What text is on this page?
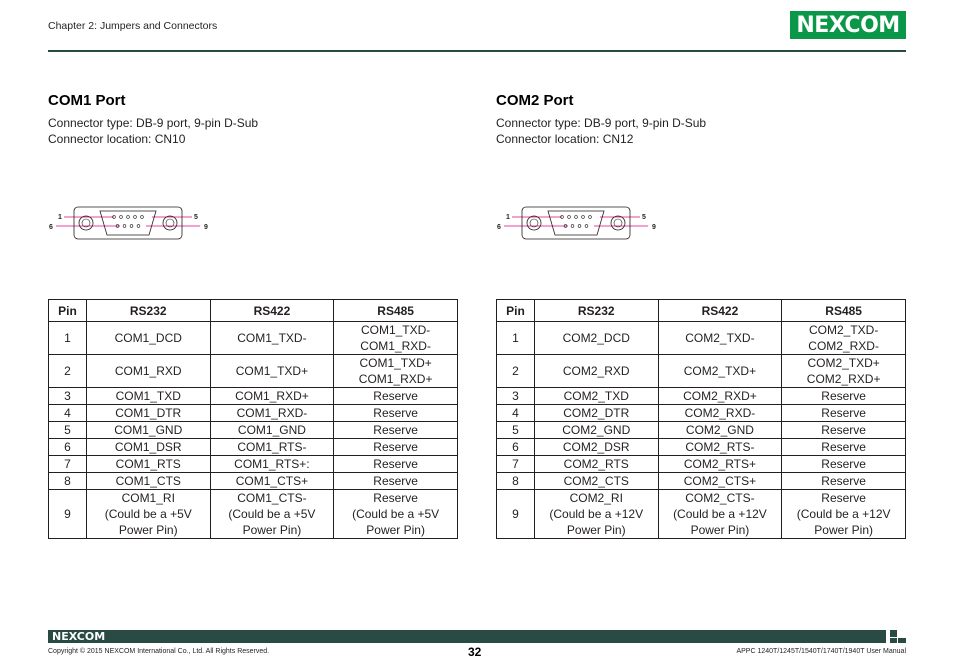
Chapter 2: Jumpers and Connectors	NEXCOM
COM1 Port
Connector type: DB-9 port, 9-pin D-Sub
Connector location: CN10
1
6
5
9
Pin	RS232	RS422	RS485
1	COM1_DCD	COM1_TXD-	COM1_TXD-
COM1_RXD-
2	COM1_RXD	COM1_TXD+	COM1_TXD+
COM1_RXD+
3	COM1_TXD	COM1_RXD+	Reserve
4	COM1_DTR	COM1_RXD-	Reserve
5	COM1_GND	COM1_GND	Reserve
6	COM1_DSR	COM1_RTS-	Reserve
7	COM1_RTS	COM1_RTS+:	Reserve
8	COM1_CTS	COM1_CTS+	Reserve
9	COM1_RI
(Could be a +5V
Power Pin)	COM1_CTS-
(Could be a +5V
Power Pin)	Reserve
(Could be a +5V
Power Pin)
COM2 Port
Connector type: DB-9 port, 9-pin D-Sub
Connector location: CN12
1
6
5
9
Pin	RS232	RS422	RS485
1	COM2_DCD	COM2_TXD-	COM2_TXD-
COM2_RXD-
2	COM2_RXD	COM2_TXD+	COM2_TXD+
COM2_RXD+
3	COM2_TXD	COM2_RXD+	Reserve
4	COM2_DTR	COM2_RXD-	Reserve
5	COM2_GND	COM2_GND	Reserve
6	COM2_DSR	COM2_RTS-	Reserve
7	COM2_RTS	COM2_RTS+	Reserve
8	COM2_CTS	COM2_CTS+	Reserve
9	COM2_RI
(Could be a +12V
Power Pin)	COM2_CTS-
(Could be a +12V
Power Pin)	Reserve
(Could be a +12V
Power Pin)
NEXCOM
Copyright © 2015 NEXCOM International Co., Ltd. All Rights Reserved.	32	APPC 1240T/1245T/1540T/1740T/1940T User Manual
